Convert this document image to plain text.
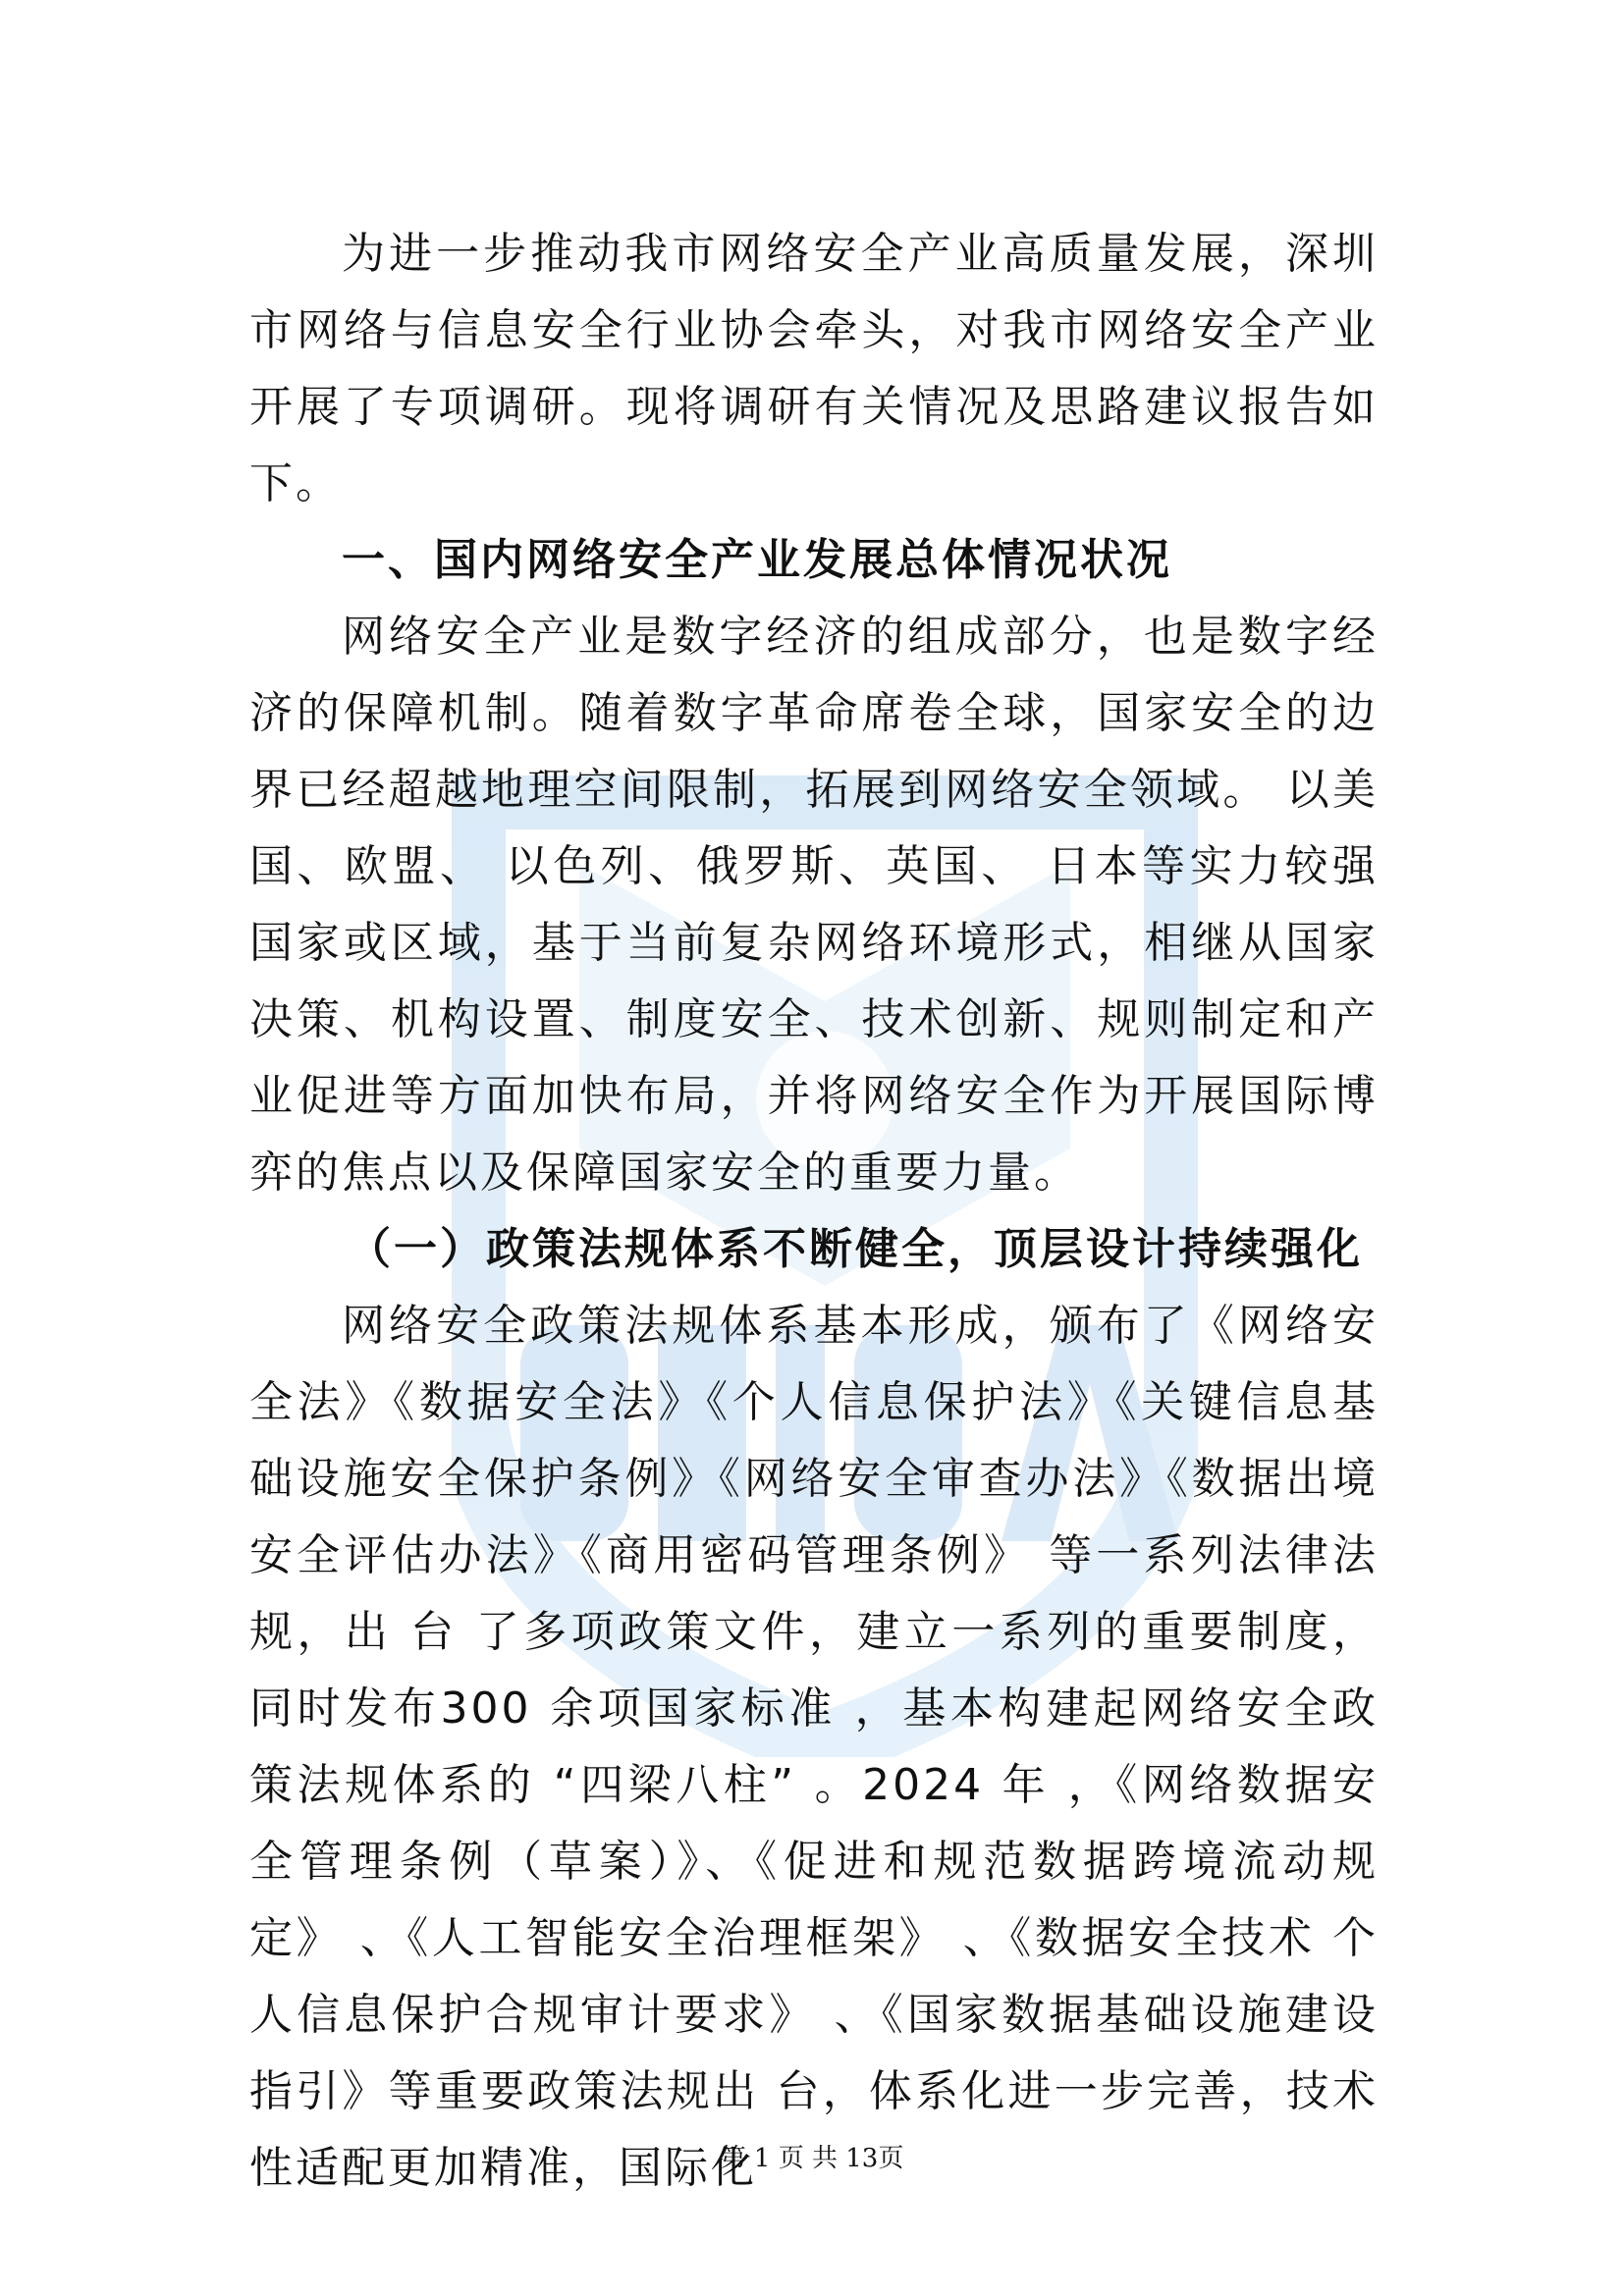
为进一步推动我市网络安全产业高质量发展，深圳市网络与信息安全行业协会牵头，对我市网络安全产业开展了专项调研。现将调研有关情况及思路建议报告如下。

一、国内网络安全产业发展总体情况状况

网络安全产业是数字经济的组成部分，也是数字经济的保障机制。随着数字革命席卷全球，国家安全的边界已经超越地理空间限制，拓展到网络安全领域。 以美国、欧盟、 以色列、俄罗斯、英国、 日本等实力较强国家或区域，基于当前复杂网络环境形式，相继从国家决策、机构设置、制度安全、技术创新、规则制定和产业促进等方面加快布局，并将网络安全作为开展国际博弈的焦点以及保障国家安全的重要力量。

（一）政策法规体系不断健全，顶层设计持续强化

网络安全政策法规体系基本形成，颁布了《网络安全法》《数据安全法》《个人信息保护法》《关键信息基础设施安全保护条例》《网络安全审查办法》《数据出境安全评估办法》《商用密码管理条例》 等一系列法律法规，出 台 了多项政策文件，建立一系列的重要制度， 同时发布300 余项国家标准 ，基本构建起网络安全政策法规体系的 “四梁八柱” 。2024 年 ，《网络数据安全管理条例（草案）》、《促进和规范数据跨境流动规定》 、《人工智能安全治理框架》 、《数据安全技术 个人信息保护合规审计要求》 、《国家数据基础设施建设指引》等重要政策法规出 台，体系化进一步完善，技术性适配更加精准，国际化

第 1 页 共 13页
